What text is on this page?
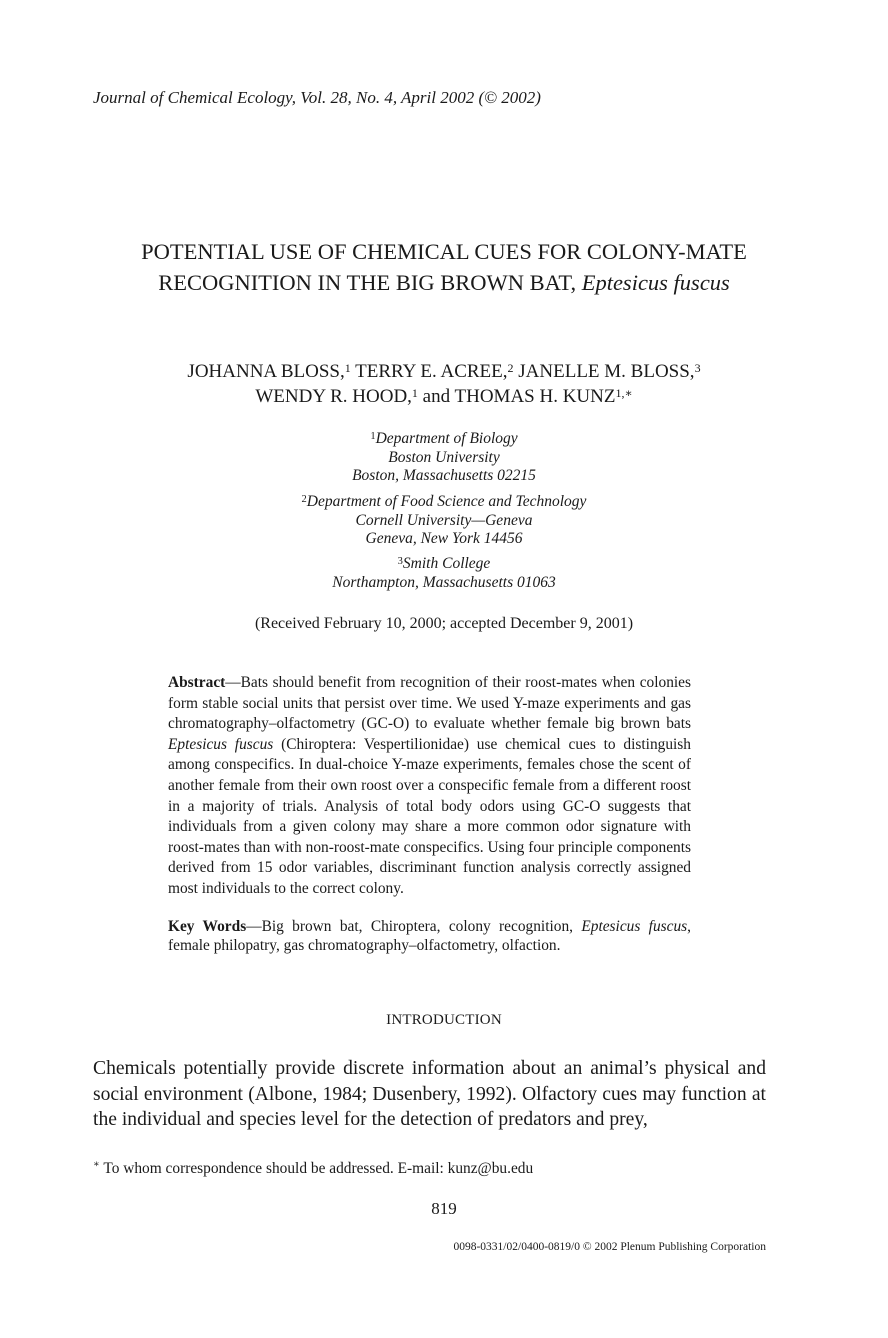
Journal of Chemical Ecology, Vol. 28, No. 4, April 2002 (© 2002)
POTENTIAL USE OF CHEMICAL CUES FOR COLONY-MATE
RECOGNITION IN THE BIG BROWN BAT, Eptesicus fuscus
JOHANNA BLOSS,$^1$ TERRY E. ACREE,$^2$ JANELLE M. BLOSS,$^3$
WENDY R. HOOD,$^1$ and THOMAS H. $KUNZ^{1,∗}$
$^1$Department of Biology
Boston University
Boston, Massachusetts 02215
$^2$Department of Food Science and Technology
Cornell University—Geneva
Geneva, New York 14456
$^3$Smith College
Northampton, Massachusetts 01063
(Received February 10, 2000; accepted December 9, 2001)
Abstract—Bats should benefit from recognition of their roost-mates when colonies form stable social units that persist over time. We used Y-maze experiments and gas chromatography–olfactometry (GC-O) to evaluate whether female big brown bats Eptesicus fuscus (Chiroptera: Vespertilionidae) use chemical cues to distinguish among conspecifics. In dual-choice Y-maze experiments, females chose the scent of another female from their own roost over a conspecific female from a different roost in a majority of trials. Analysis of total body odors using GC-O suggests that individuals from a given colony may share a more common odor signature with roost-mates than with non-roost-mate conspecifics. Using four principle components derived from 15 odor variables, discriminant function analysis correctly assigned most individuals to the correct colony.
Key Words—Big brown bat, Chiroptera, colony recognition, Eptesicus fuscus, female philopatry, gas chromatography–olfactometry, olfaction.
INTRODUCTION
Chemicals potentially provide discrete information about an animal’s physical and social environment (Albone, 1984; Dusenbery, 1992). Olfactory cues may function at the individual and species level for the detection of predators and prey,
∗ To whom correspondence should be addressed. E-mail: kunz@bu.edu
819
0098-0331/02/0400-0819/0 © 2002 Plenum Publishing Corporation
